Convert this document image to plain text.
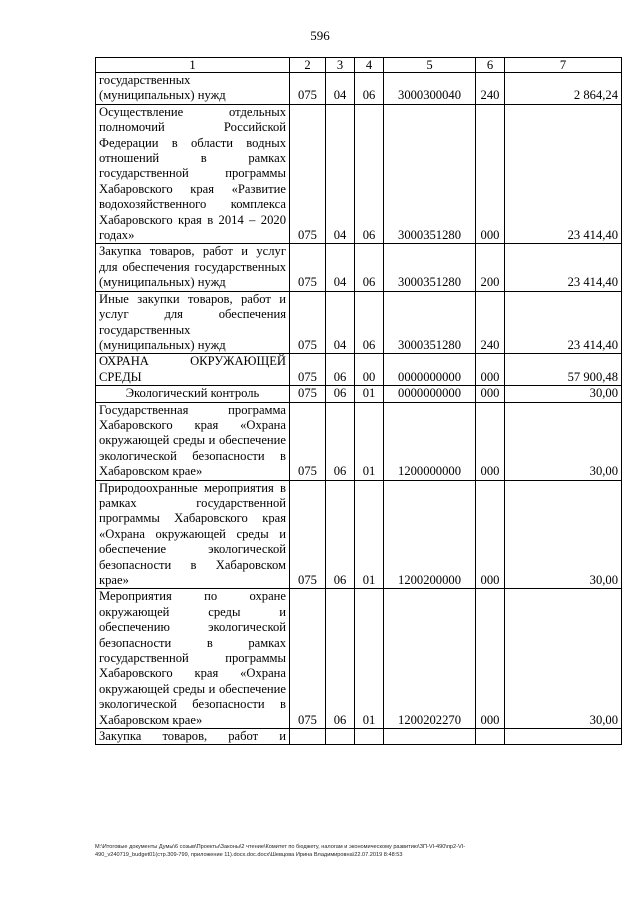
596
1	2	3	4	5	6	7
государственных (муниципальных) нужд	075	04	06	3000300040	240	2 864,24
Осуществление отдельных полномочий Российской Федерации в области водных отношений в рамках государственной программы Хабаровского края «Развитие водохозяйственного комплекса Хабаровского края в 2014 – 2020 годах»	075	04	06	3000351280	000	23 414,40
Закупка товаров, работ и услуг для обеспечения государственных (муниципальных) нужд	075	04	06	3000351280	200	23 414,40
Иные закупки товаров, работ и услуг для обеспечения государственных (муниципальных) нужд	075	04	06	3000351280	240	23 414,40
ОХРАНА ОКРУЖАЮЩЕЙ СРЕДЫ	075	06	00	0000000000	000	57 900,48
Экологический контроль	075	06	01	0000000000	000	30,00
Государственная программа Хабаровского края «Охрана окружающей среды и обеспечение экологической безопасности в Хабаровском крае»	075	06	01	1200000000	000	30,00
Природоохранные мероприятия в рамках государственной программы Хабаровского края «Охрана окружающей среды и обеспечение экологической безопасности в Хабаровском крае»	075	06	01	1200200000	000	30,00
Мероприятия по охране окружающей среды и обеспечению экологической безопасности в рамках государственной программы Хабаровского края «Охрана окружающей среды и обеспечение экологической безопасности в Хабаровском крае»	075	06	01	1200202270	000	30,00
Закупка товаров, работ и						
M:\Итоговые документы Думы\6 созыв\Проекты\Законы\2 чтение\Комитет по бюджету, налогам и экономическому развитию\ЗП-VI-490\пр2-VI-
490_v240719_budget01(стр.309-799, приложение 11).docx.doc.docx\Шевцова Ирина Владимировна\22.07.2019 8:48:53
